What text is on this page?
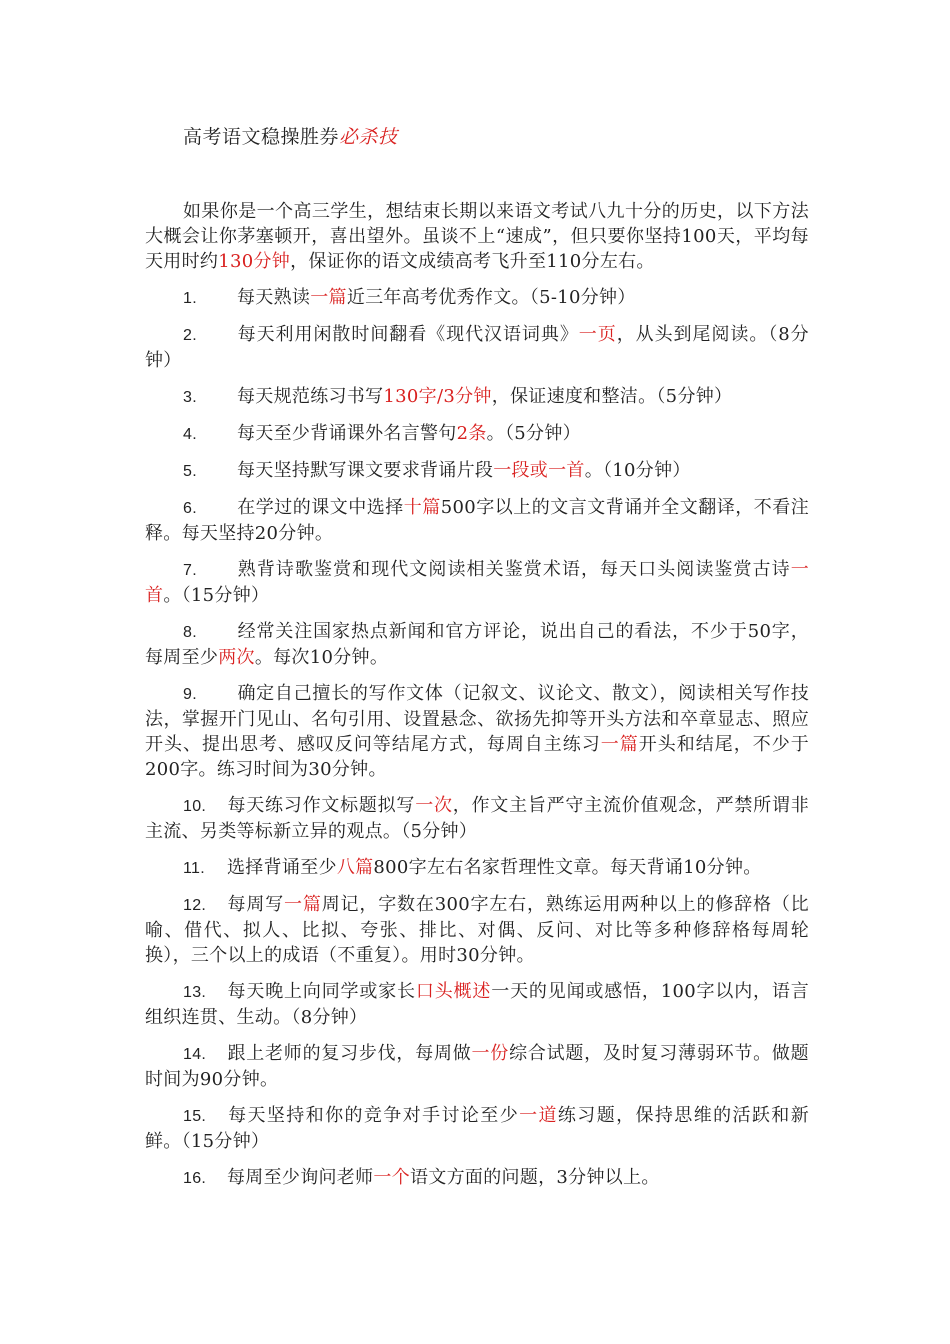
高考语文稳操胜券必杀技

如果你是一个高三学生，想结束长期以来语文考试八九十分的历史，以下方法大概会让你茅塞顿开，喜出望外。虽谈不上“速成”，但只要你坚持100天，平均每天用时约130分钟，保证你的语文成绩高考飞升至110分左右。

1. 每天熟读一篇近三年高考优秀作文。（5-10分钟）

2. 每天利用闲散时间翻看《现代汉语词典》一页，从头到尾阅读。（8分钟）

3. 每天规范练习书写130字/3分钟，保证速度和整洁。（5分钟）

4. 每天至少背诵课外名言警句2条。（5分钟）

5. 每天坚持默写课文要求背诵片段一段或一首。（10分钟）

6. 在学过的课文中选择十篇500字以上的文言文背诵并全文翻译，不看注释。每天坚持20分钟。

7. 熟背诗歌鉴赏和现代文阅读相关鉴赏术语，每天口头阅读鉴赏古诗一首。（15分钟）

8. 经常关注国家热点新闻和官方评论，说出自己的看法，不少于50字，每周至少两次。每次10分钟。

9. 确定自己擅长的写作文体（记叙文、议论文、散文），阅读相关写作技法，掌握开门见山、名句引用、设置悬念、欲扬先抑等开头方法和卒章显志、照应开头、提出思考、感叹反问等结尾方式，每周自主练习一篇开头和结尾，不少于200字。练习时间为30分钟。

10. 每天练习作文标题拟写一次，作文主旨严守主流价值观念，严禁所谓非主流、另类等标新立异的观点。（5分钟）

11. 选择背诵至少八篇800字左右名家哲理性文章。每天背诵10分钟。

12. 每周写一篇周记，字数在300字左右，熟练运用两种以上的修辞格（比喻、借代、拟人、比拟、夸张、排比、对偶、反问、对比等多种修辞格每周轮换），三个以上的成语（不重复）。用时30分钟。

13. 每天晚上向同学或家长口头概述一天的见闻或感悟，100字以内，语言组织连贯、生动。（8分钟）

14. 跟上老师的复习步伐，每周做一份综合试题，及时复习薄弱环节。做题时间为90分钟。

15. 每天坚持和你的竞争对手讨论至少一道练习题，保持思维的活跃和新鲜。（15分钟）

16. 每周至少询问老师一个语文方面的问题，3分钟以上。
